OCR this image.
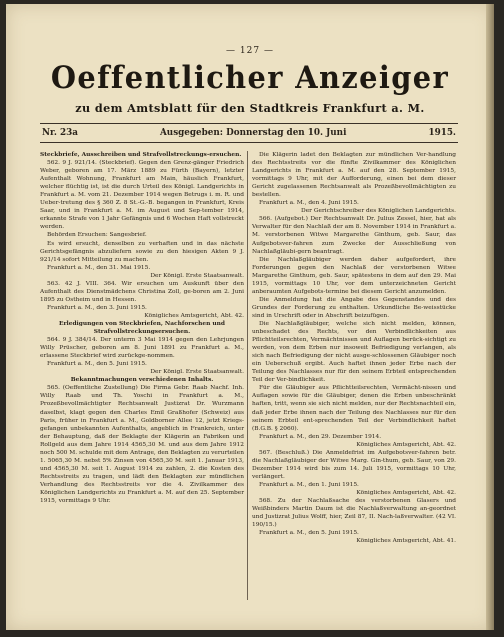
— 127 —
Oeffentlicher Anzeiger
zu dem Amtsblatt für den Stadtkreis Frankfurt a. M.
Nr. 23a	Ausgegeben: Donnerstag den 10. Juni	1915.

Steckbriefe, Ausschreiben und Strafvollstreckungs-ersuchen.

562. 9 J. 921/14. (Steckbrief). Gegen den Grenz-gänger Friedrich Weber, geboren am 17. März 1889 zu Fürth (Bayern), letzter Aufenthalt Wohnung, Frankfurt am Main, häuslich Frankfurt, welcher flüchtig ist, ist die durch Urteil des Königl. Landgerichts in Frankfurt a. M. vom 21. Dezember 1914 wegen Betrugs i. m. R. und Ueber-tretung des § 360 Z. 8 St.-G.-B. begangen in Frankfurt, Kreis Saar, und in Frankfurt a. M. im August und Sep-tember 1914, erkannte Strafe von 1 Jahr Gefängnis und 6 Wochen Haft vollstreckt werden.

Behörden Ersuchen: Sangesbrief.

Es wird ersucht, denselben zu verhaften und in das nächste Gerichtsgefängnis abzuliefern sowie zu den hiesigen Akten 9 J. 921/14 sofort Mitteilung zu machen.

Frankfurt a. M., den 31. Mai 1915.

Der Königl. Erste Staatsanwalt.

563. 42 J. VIII. 364. Wir ersuchen um Auskunft über den Aufenthalt des Dienstmädchens Christina Zoll, ge-boren am 2. Juni 1895 zu Ostheim und in Hessen.

Frankfurt a. M., den 3. Juni 1915.

Königliches Amtsgericht, Abt. 42.

Erledigungen von Steckbriefen, Nachforschen und Strafvollstreckungsersuchen.

564. 9 J. 384/14. Der unterm 3 Mai 1914 gegen den Lehrjungen Willy Prüscher, geboren am 8. Juni 1891 zu Frankfurt a. M., erlassene Steckbrief wird zurückge-nommen.

Frankfurt a. M., den 5. Juni 1915.

Der Königl. Erste Staatsanwalt.

Bekanntmachungen verschiedenen Inhalts.

565. (Oeffentliche Zustellung) Die Firma Gebr. Raab Nachf. Inh. Willy Raab und Th. Yoschi in Frankfurt a. M., Prozeßbevollmächtigter Rechtsanwalt Justizrat Dr. Wurzmann daselbst, klagt gegen den Charles Emil Graßhofer (Schweiz) aus Paris, früher in Frankfurt a. M., Goldborner Allee 12, jetzt Kriegs-gefangen unbekannten Aufenthalts, angeblich in Frankreich, unter der Behauptung, daß der Beklagte der Klägerin an Fabriken und Rollgeld aus dem Jahre 1914 4565,30 M. und aus dem Jahre 1912 noch 500 M. schulde mit dem Antrage, den Beklagten zu verurteilen 1. 5065,30 M. nebst 5% Zinsen von 4565,30 M. seit 1. Januar 1913, und 4565,30 M. seit 1. August 1914 zu zahlen, 2. die Kosten des Rechtsstreits zu tragen, und lädt den Beklagten zur mündlichen Verhandlung des Rechtsstreits vor die 4. Zivilkammer des Königlichen Landgerichts zu Frankfurt a. M. auf den 25. September 1915, vormittags 9 Uhr.

Die Klägerin ladet den Beklagten zur mündlichen Ver-handlung des Rechtsstreits vor die fünfte Zivilkammer des Königlichen Landgerichts in Frankfurt a. M. auf den 28. September 1915, vormittags 9 Uhr, mit der Aufforderung, einen bei dem dieser Gericht zugelassenen Rechtsanwalt als Prozeßbevollmächtigten zu bestellen.

Frankfurt a. M., den 4. Juni 1915.

Der Gerichtschreiber des Königlichen Landgerichts.

566. (Aufgebot.) Der Rechtsanwalt Dr. Julius Zessel, hier, hat als Verwalter für den Nachlaß der am 8. November 1914 in Frankfurt a. M. verstorbenen Witwe Margarethe Ginthum, geb. Saur, das Aufgebotsver-fahren zum Zwecke der Ausschließung von Nachlaßgläubi-gern beantragt.

Die Nachlaßgläubiger werden daher aufgefordert, ihre Forderungen gegen den Nachlaß der verstorbenen Witwe Margarethe Ginthum, geb. Saur, spätestens in dem auf den 29. Mai 1915, vormittags 10 Uhr, vor dem unterzeichneten Gericht anberaumten Aufgebots-termine bei diesem Gericht anzumelden.

Die Anmeldung hat die Angabe des Gegenstandes und des Grundes der Forderung zu enthalten. Urkundliche Be-weisstücke sind in Urschrift oder in Abschrift beizufügen.

Die Nachlaßgläubiger, welche sich nicht melden, können, unbeschadet des Rechts, vor den Verbindlichkeiten aus Pflichtteilsrechten, Vermächtnissen und Auflagen berück-sichtigt zu werden, von dem Erben nur insoweit Befriedigung verlangen, als sich nach Befriedigung der nicht ausge-schlossenen Gläubiger noch ein Ueberschuß ergibt. Auch haftet ihnen jeder Erbe nach der Teilung des Nachlasses nur für den seinem Erbteil entsprechenden Teil der Ver-bindlichkeit.

Für die Gläubiger aus Pflichtteilsrechten, Vermächt-nissen und Auflagen sowie für die Gläubiger, denen die Erben unbeschränkt haften, tritt, wenn sie sich nicht melden, nur der Rechtsnachteil ein, daß jeder Erbe ihnen nach der Teilung des Nachlasses nur für den seinem Erbteil ent-sprechenden Teil der Verbindlichkeit haftet (B.G.B. § 2060).

Frankfurt a. M., den 29. Dezember 1914.

Königliches Amtsgericht, Abt. 42.

567. (Beschluß.) Die Anmeldefrist im Aufgebotsver-fahren betr. die Nachlaßgläubiger der Witwe Marg. Gin-thum, geb. Saur, von 29. Dezember 1914 wird bis zum 14. Juli 1915, vormittags 10 Uhr, verlängert.

Frankfurt a. M., den 1. Juni 1915.

Königliches Amtsgericht, Abt. 42.

568. Zu der Nachlaßsache des verstorbenen Glasers und Weißbinders Martin Daum ist die Nachlaßverwaltung an-geordnet und Justizrat Julius Wolff, hier, Zeil 87, II. Nach-laßverwalter. (42 VI. 190/15.)

Frankfurt a. M., den 5. Juni 1915.

Königliches Amtsgericht, Abt. 41.
